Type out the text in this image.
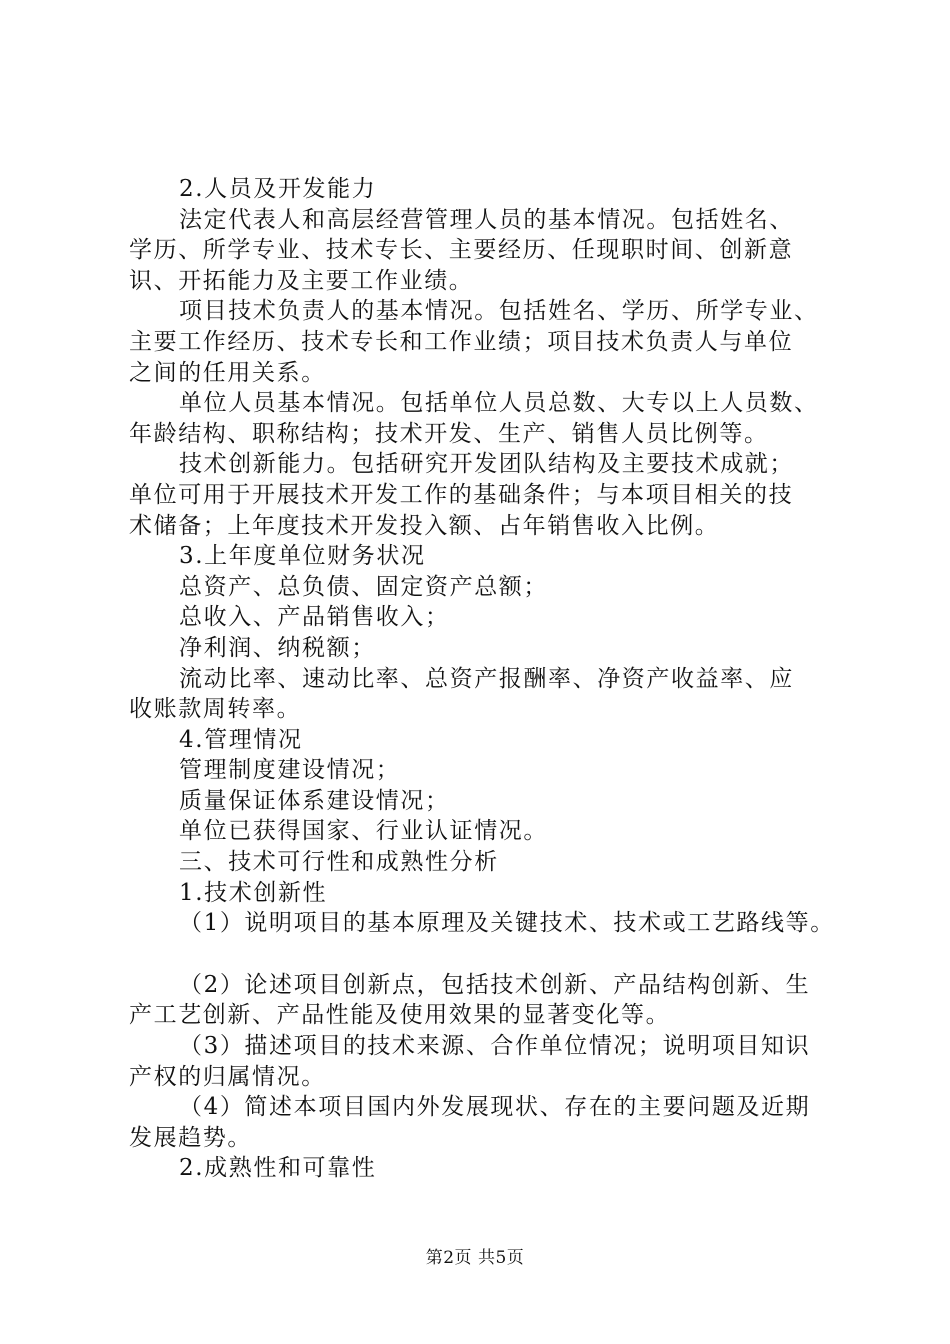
2.人员及开发能力
法定代表人和高层经营管理人员的基本情况。包括姓名、
学历、所学专业、技术专长、主要经历、任现职时间、创新意
识、开拓能力及主要工作业绩。
项目技术负责人的基本情况。包括姓名、学历、所学专业、
主要工作经历、技术专长和工作业绩；项目技术负责人与单位
之间的任用关系。
单位人员基本情况。包括单位人员总数、大专以上人员数、
年龄结构、职称结构；技术开发、生产、销售人员比例等。
技术创新能力。包括研究开发团队结构及主要技术成就；
单位可用于开展技术开发工作的基础条件；与本项目相关的技
术储备；上年度技术开发投入额、占年销售收入比例。
3.上年度单位财务状况
总资产、总负债、固定资产总额；
总收入、产品销售收入；
净利润、纳税额；
流动比率、速动比率、总资产报酬率、净资产收益率、应
收账款周转率。
4.管理情况
管理制度建设情况；
质量保证体系建设情况；
单位已获得国家、行业认证情况。
三、技术可行性和成熟性分析
1.技术创新性
（1）说明项目的基本原理及关键技术、技术或工艺路线等。
（2）论述项目创新点，包括技术创新、产品结构创新、生
产工艺创新、产品性能及使用效果的显著变化等。
（3）描述项目的技术来源、合作单位情况；说明项目知识
产权的归属情况。
（4）简述本项目国内外发展现状、存在的主要问题及近期
发展趋势。
2.成熟性和可靠性
第2页 共5页
